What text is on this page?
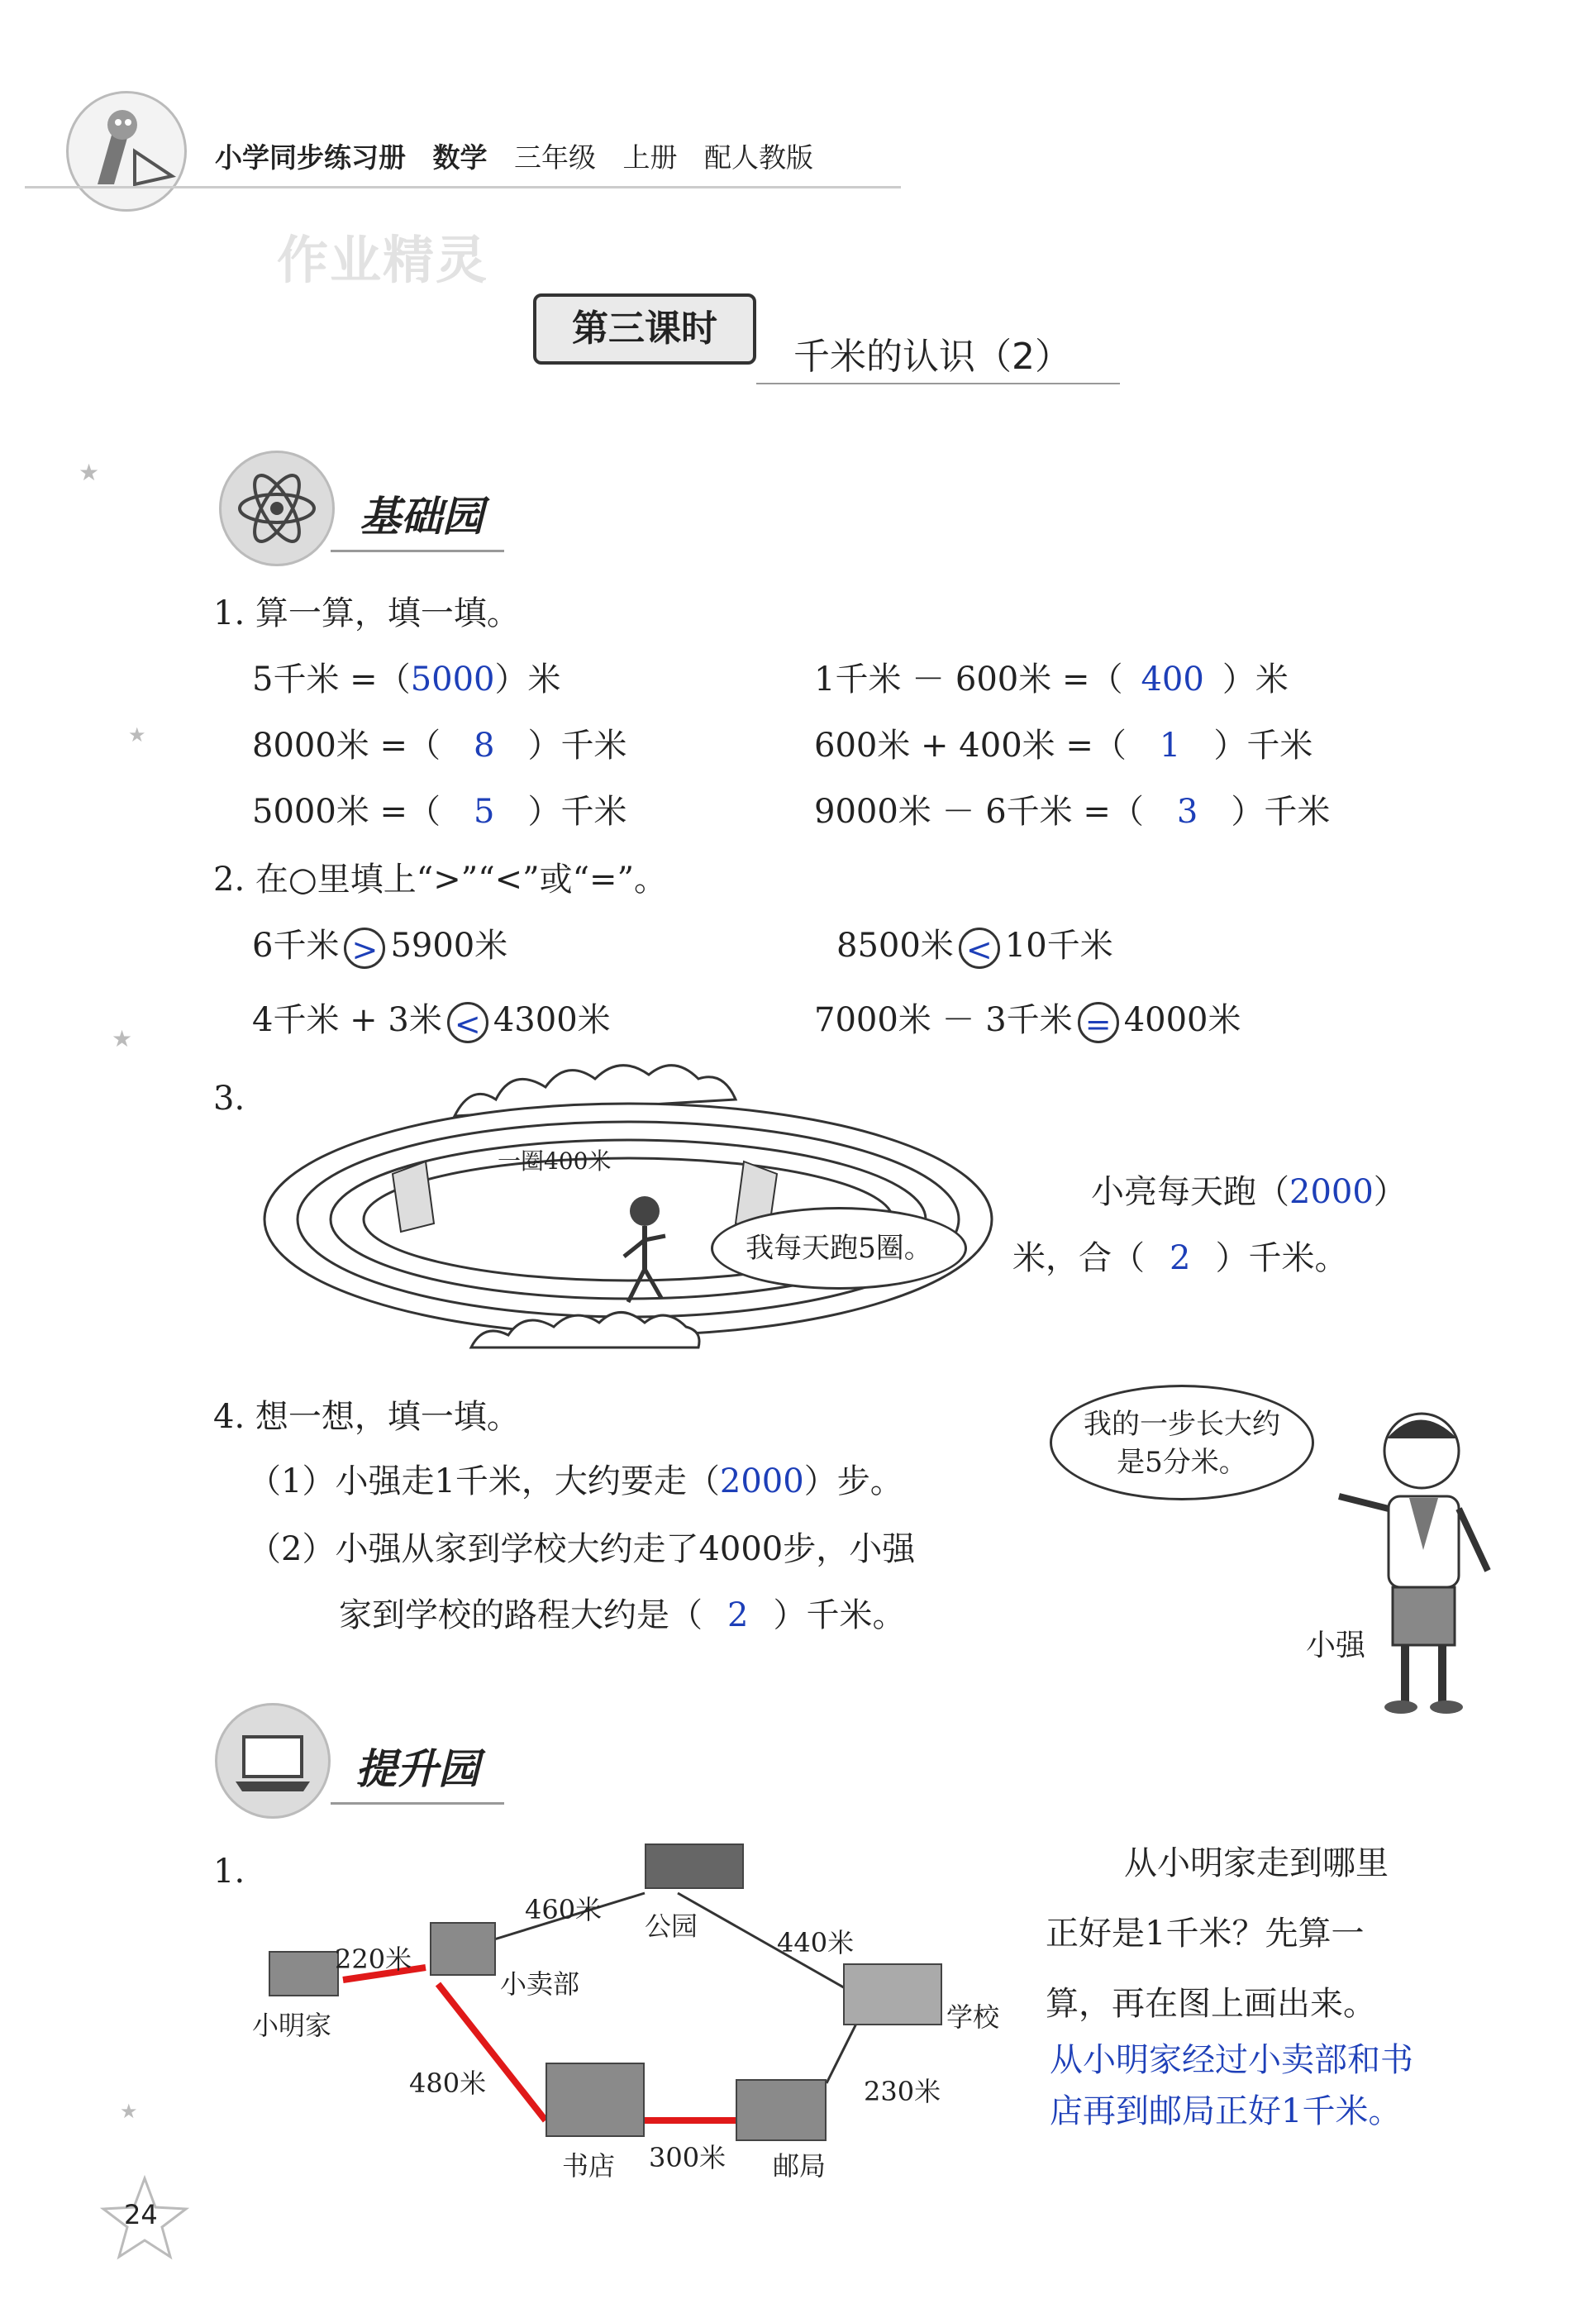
小学同步练习册 数学 三年级 上册 配人教版
作业精灵
第三课时
千米的认识（2）
基础园
1. 算一算，填一填。
5千米 =（5000）米	1千米 － 600米 =（ 400 ）米
8000米 =（ 8 ）千米	600米 + 400米 =（ 1 ）千米
5000米 =（ 5 ）千米	9000米 － 6千米 =（ 3 ）千米
2. 在○里填上“>”“<”或“=”。
6千米 > 5900米	8500米 < 10千米
4千米 + 3米 < 4300米	7000米 － 3千米 = 4000米
3.
一圈400米
我每天跑5圈。
小亮每天跑（2000）
米，合（ 2 ）千米。
4. 想一想，填一填。
（1）小强走1千米，大约要走（2000）步。
（2）小强从家到学校大约走了4000步，小强
家到学校的路程大约是（ 2 ）千米。
我的一步长大约是5分米。
小强
提升园
1.
小明家
小卖部
公园
学校
书店	邮局
220米
460米
440米
480米
300米
230米
从小明家走到哪里
正好是1千米？先算一
算，再在图上画出来。
从小明家经过小卖部和书
店再到邮局正好1千米。
24
★
★
★
★
